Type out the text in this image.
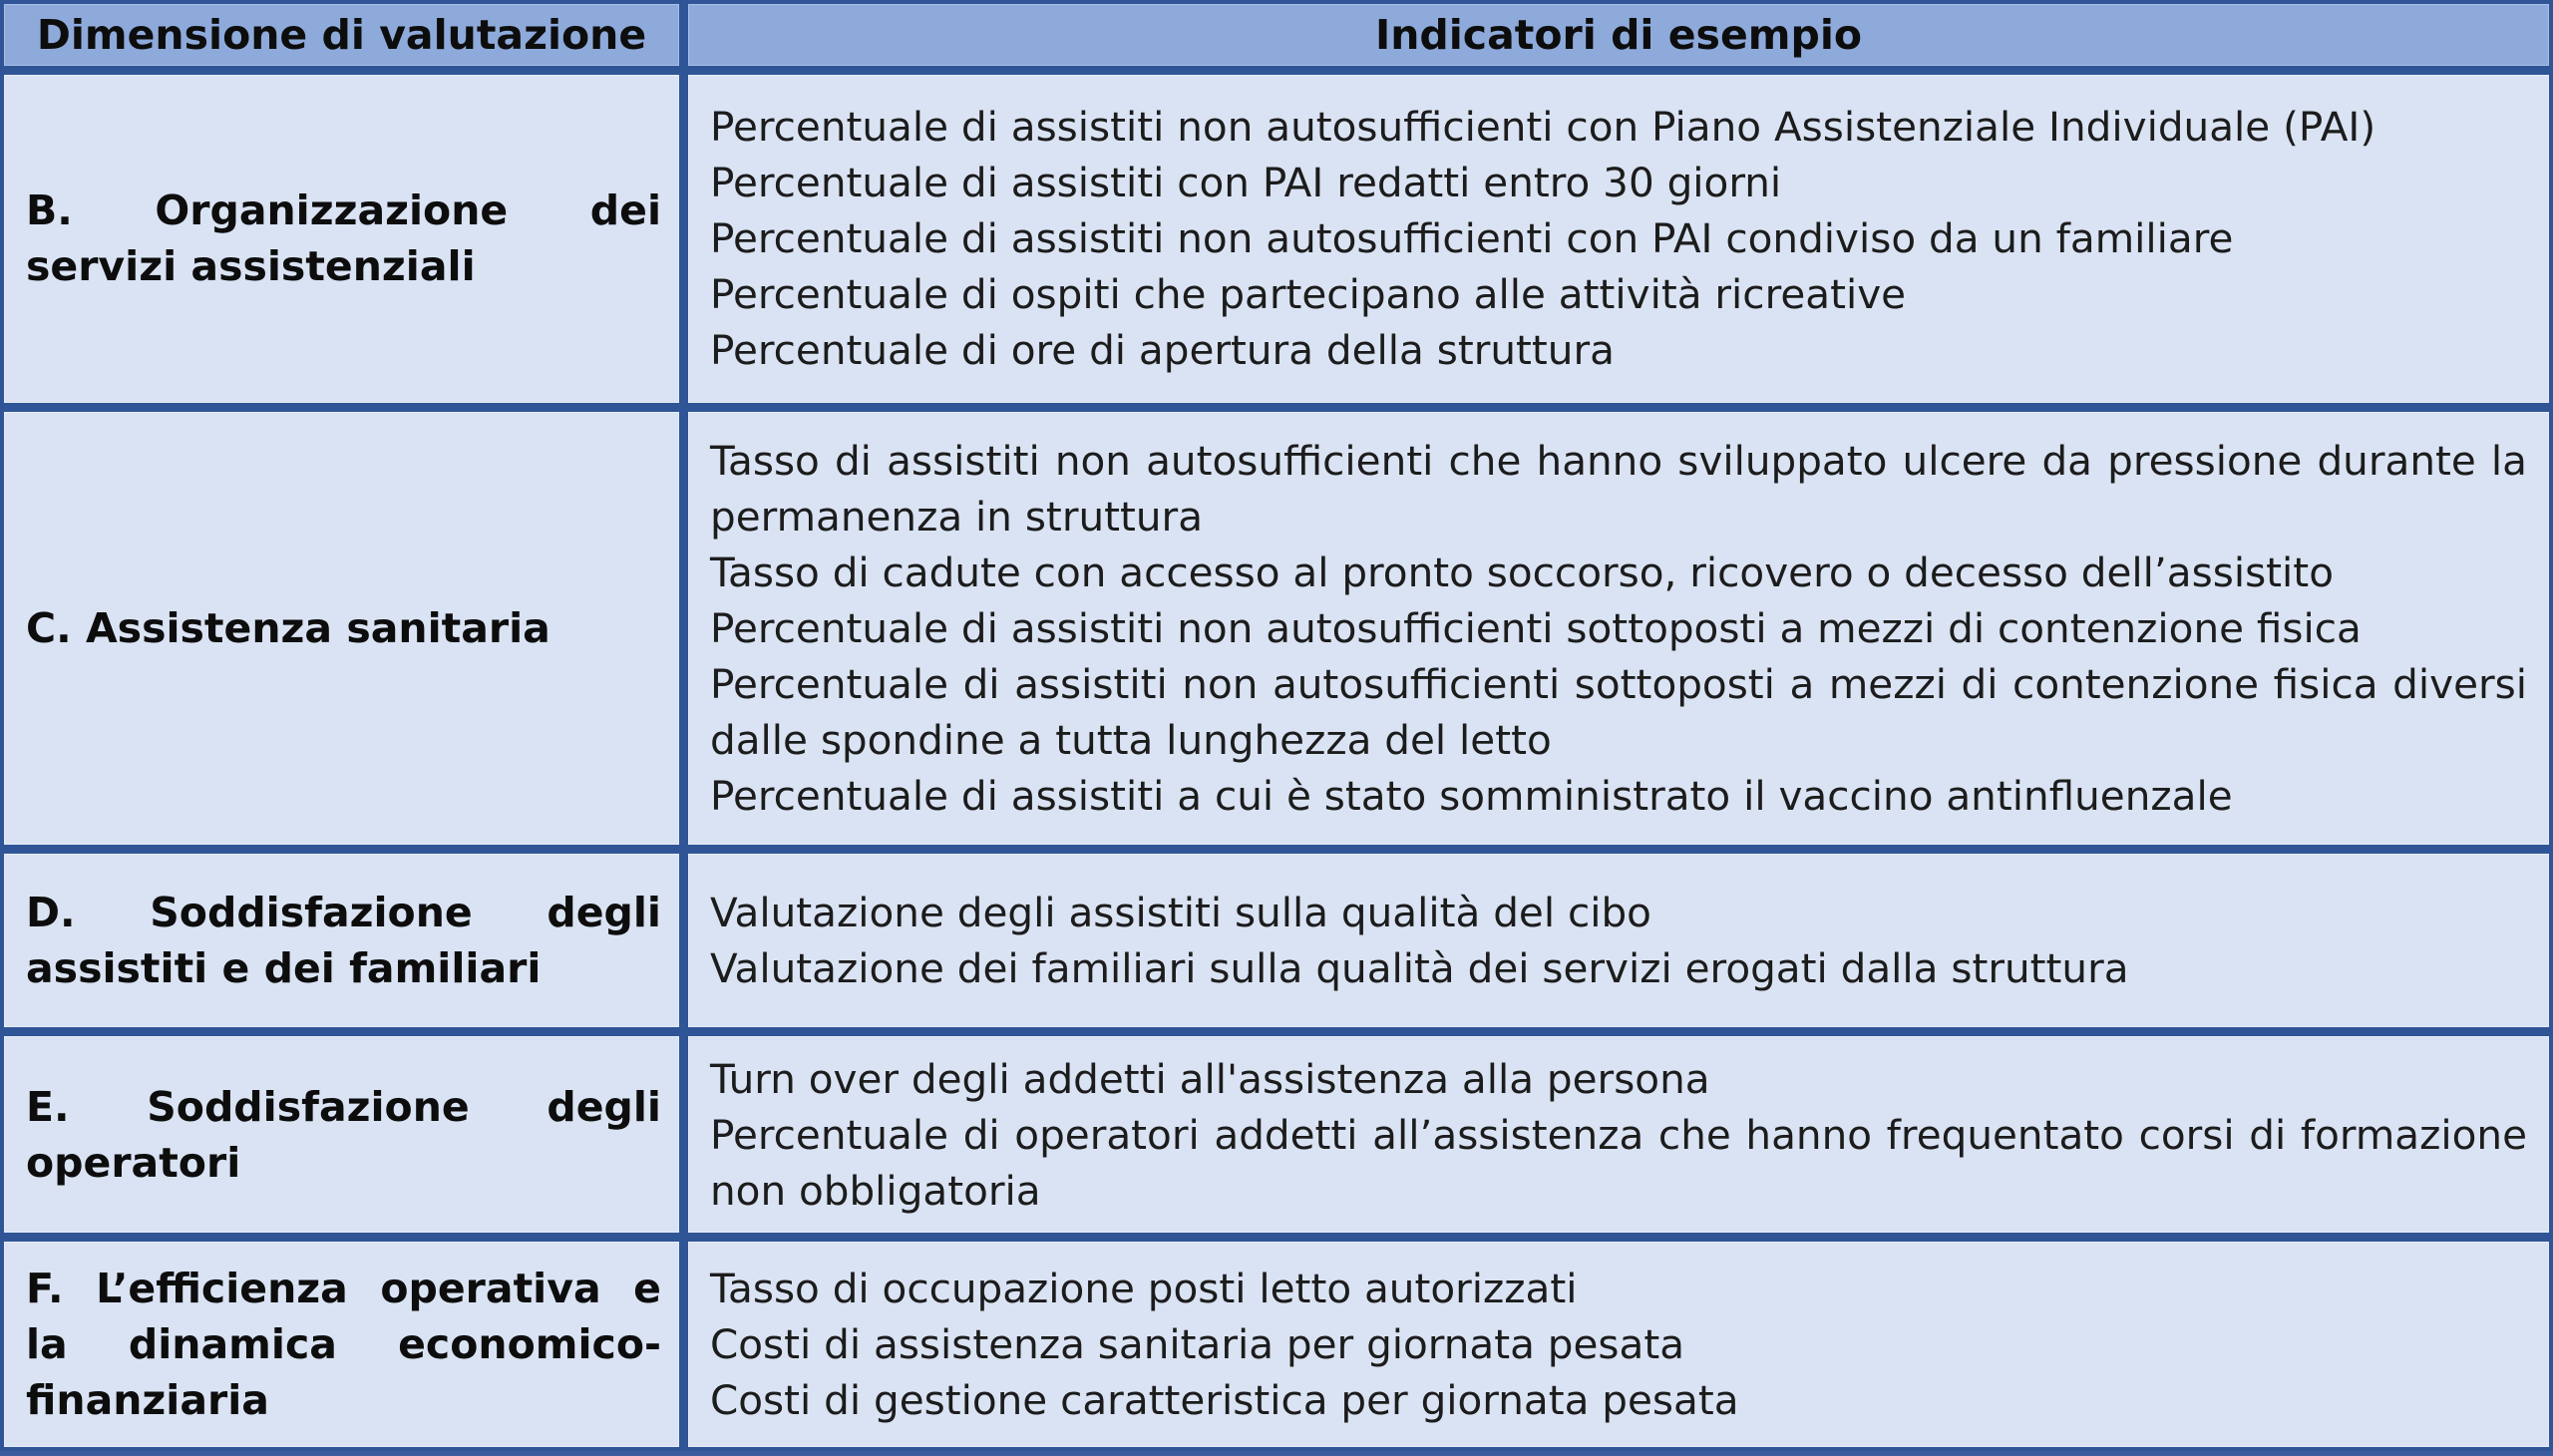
Dimensione di valutazione	Indicatori di esempio

B. Organizzazione dei servizi assistenziali	Percentuale di assistiti non autosufficienti con Piano Assistenziale Individuale (PAI)
Percentuale di assistiti con PAI redatti entro 30 giorni
Percentuale di assistiti non autosufficienti con PAI condiviso da un familiare
Percentuale di ospiti che partecipano alle attività ricreative
Percentuale di ore di apertura della struttura

C. Assistenza sanitaria	Tasso di assistiti non autosufficienti che hanno sviluppato ulcere da pressione durante la permanenza in struttura
Tasso di cadute con accesso al pronto soccorso, ricovero o decesso dell’assistito
Percentuale di assistiti non autosufficienti sottoposti a mezzi di contenzione fisica
Percentuale di assistiti non autosufficienti sottoposti a mezzi di contenzione fisica diversi dalle spondine a tutta lunghezza del letto
Percentuale di assistiti a cui è stato somministrato il vaccino antinfluenzale

D. Soddisfazione degli assistiti e dei familiari	Valutazione degli assistiti sulla qualità del cibo
Valutazione dei familiari sulla qualità dei servizi erogati dalla struttura

E. Soddisfazione degli operatori	Turn over degli addetti all'assistenza alla persona
Percentuale di operatori addetti all’assistenza che hanno frequentato corsi di formazione non obbligatoria

F. L’efficienza operativa e la dinamica economico-finanziaria	Tasso di occupazione posti letto autorizzati
Costi di assistenza sanitaria per giornata pesata
Costi di gestione caratteristica per giornata pesata
